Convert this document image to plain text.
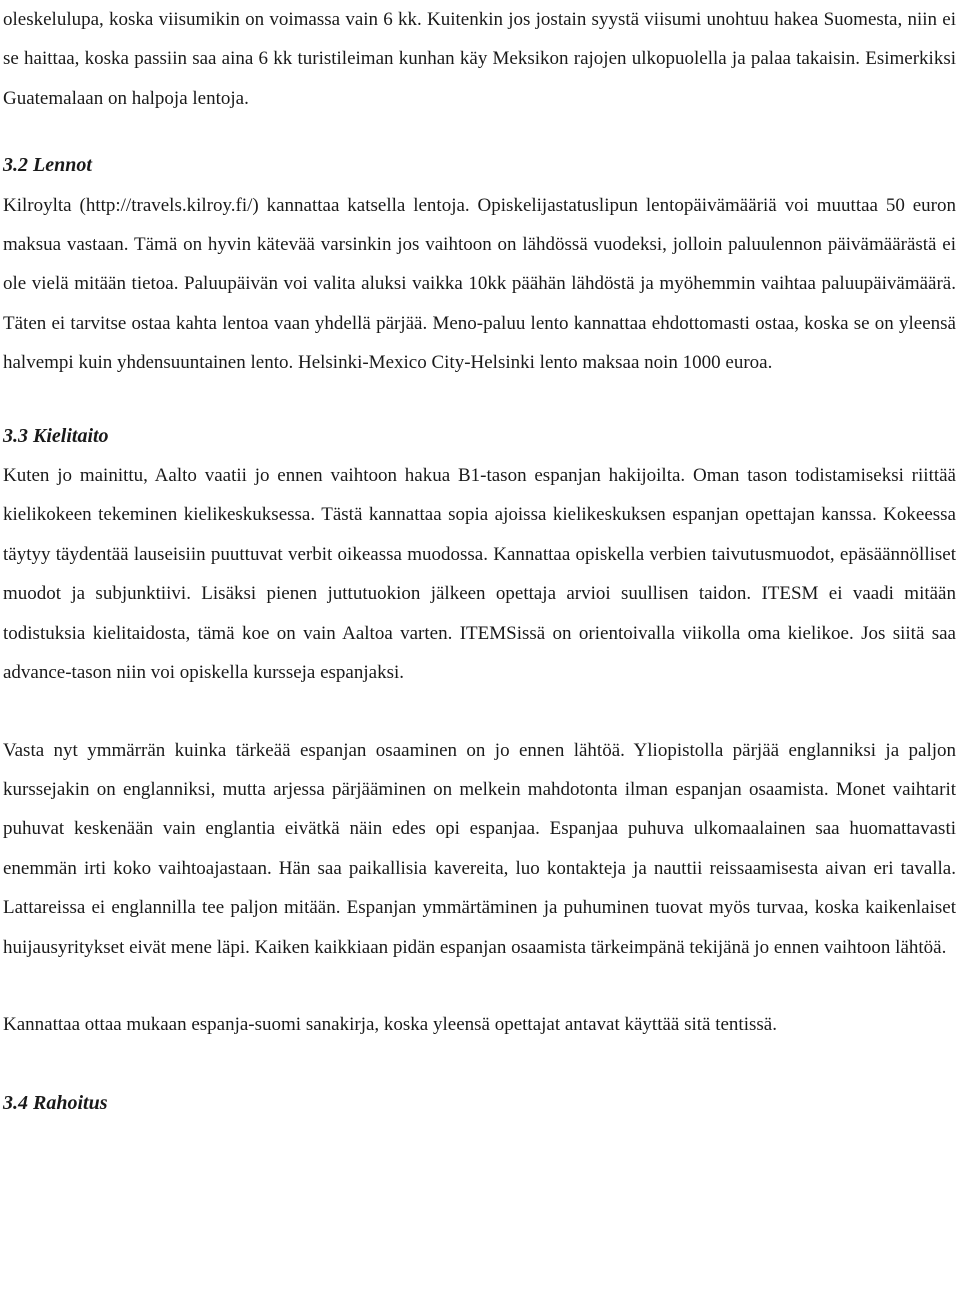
oleskelulupa, koska viisumikin on voimassa vain 6 kk. Kuitenkin jos jostain syystä viisumi unohtuu hakea Suomesta, niin ei se haittaa, koska passiin saa aina 6 kk turistileiman kunhan käy Meksikon rajojen ulkopuolella ja palaa takaisin. Esimerkiksi Guatemalaan on halpoja lentoja.

3.2 Lennot

Kilroylta (http://travels.kilroy.fi/) kannattaa katsella lentoja. Opiskelijastatuslipun lentopäivämääriä voi muuttaa 50 euron maksua vastaan. Tämä on hyvin kätevää varsinkin jos vaihtoon on lähdössä vuodeksi, jolloin paluulennon päivämäärästä ei ole vielä mitään tietoa. Paluupäivän voi valita aluksi vaikka 10kk päähän lähdöstä ja myöhemmin vaihtaa paluupäivämäärä. Täten ei tarvitse ostaa kahta lentoa vaan yhdellä pärjää. Meno-paluu lento kannattaa ehdottomasti ostaa, koska se on yleensä halvempi kuin yhdensuuntainen lento. Helsinki-Mexico City-Helsinki lento maksaa noin 1000 euroa.

3.3 Kielitaito

Kuten jo mainittu, Aalto vaatii jo ennen vaihtoon hakua B1-tason espanjan hakijoilta. Oman tason todistamiseksi riittää kielikokeen tekeminen kielikeskuksessa. Tästä kannattaa sopia ajoissa kielikeskuksen espanjan opettajan kanssa. Kokeessa täytyy täydentää lauseisiin puuttuvat verbit oikeassa muodossa. Kannattaa opiskella verbien taivutusmuodot, epäsäännölliset muodot ja subjunktiivi. Lisäksi pienen juttutuokion jälkeen opettaja arvioi suullisen taidon. ITESM ei vaadi mitään todistuksia kielitaidosta, tämä koe on vain Aaltoa varten. ITEMSissä on orientoivalla viikolla oma kielikoe. Jos siitä saa advance-tason niin voi opiskella kursseja espanjaksi.

Vasta nyt ymmärrän kuinka tärkeää espanjan osaaminen on jo ennen lähtöä. Yliopistolla pärjää englanniksi ja paljon kurssejakin on englanniksi, mutta arjessa pärjääminen on melkein mahdotonta ilman espanjan osaamista. Monet vaihtarit puhuvat keskenään vain englantia eivätkä näin edes opi espanjaa. Espanjaa puhuva ulkomaalainen saa huomattavasti enemmän irti koko vaihtoajastaan. Hän saa paikallisia kavereita, luo kontakteja ja nauttii reissaamisesta aivan eri tavalla. Lattareissa ei englannilla tee paljon mitään. Espanjan ymmärtäminen ja puhuminen tuovat myös turvaa, koska kaikenlaiset huijausyritykset eivät mene läpi. Kaiken kaikkiaan pidän espanjan osaamista tärkeimpänä tekijänä jo ennen vaihtoon lähtöä.

Kannattaa ottaa mukaan espanja-suomi sanakirja, koska yleensä opettajat antavat käyttää sitä tentissä.

3.4 Rahoitus
